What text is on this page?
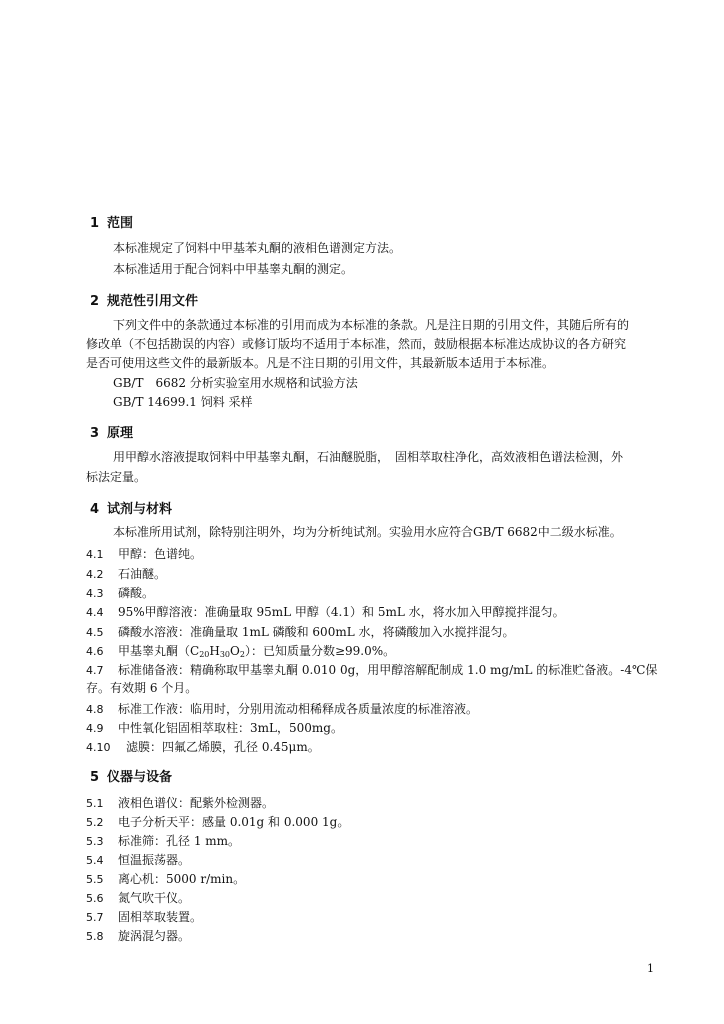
1 范围
本标准规定了饲料中甲基苯丸酮的液相色谱测定方法。
本标准适用于配合饲料中甲基睾丸酮的测定。
2 规范性引用文件
下列文件中的条款通过本标准的引用而成为本标准的条款。凡是注日期的引用文件，其随后所有的
修改单（不包括勘误的内容）或修订版均不适用于本标准，然而，鼓励根据本标准达成协议的各方研究
是否可使用这些文件的最新版本。凡是不注日期的引用文件，其最新版本适用于本标准。
GB/T　6682 分析实验室用水规格和试验方法
GB/T 14699.1 饲料 采样
3 原理
用甲醇水溶液提取饲料中甲基睾丸酮，石油醚脱脂，　固相萃取柱净化，高效液相色谱法检测，外
标法定量。
4 试剂与材料
本标准所用试剂，除特别注明外，均为分析纯试剂。实验用水应符合GB/T 6682中二级水标准。
4.1 甲醇：色谱纯。
4.2 石油醚。
4.3 磷酸。
4.4 95%甲醇溶液：准确量取 95mL 甲醇（4.1）和 5mL 水，将水加入甲醇搅拌混匀。
4.5 磷酸水溶液：准确量取 1mL 磷酸和 600mL 水，将磷酸加入水搅拌混匀。
4.6 甲基睾丸酮$(C_{20}H_{30}O_2)$：已知质量分数≥99.0%。
4.7 标准储备液：精确称取甲基睾丸酮 0.010 0g，用甲醇溶解配制成 1.0 mg/mL 的标准贮备液。-4℃保
存。有效期 6 个月。
4.8 标准工作液：临用时，分别用流动相稀释成各质量浓度的标准溶液。
4.9 中性氧化铝固相萃取柱：3mL，500mg。
4.10 滤膜：四氟乙烯膜，孔径 0.45μm。
5 仪器与设备
5.1 液相色谱仪：配紫外检测器。
5.2 电子分析天平：感量 0.01g 和 0.000 1g。
5.3 标准筛：孔径 1 mm。
5.4 恒温振荡器。
5.5 离心机：5000 r/min。
5.6 氮气吹干仪。
5.7 固相萃取装置。
5.8 旋涡混匀器。
1
